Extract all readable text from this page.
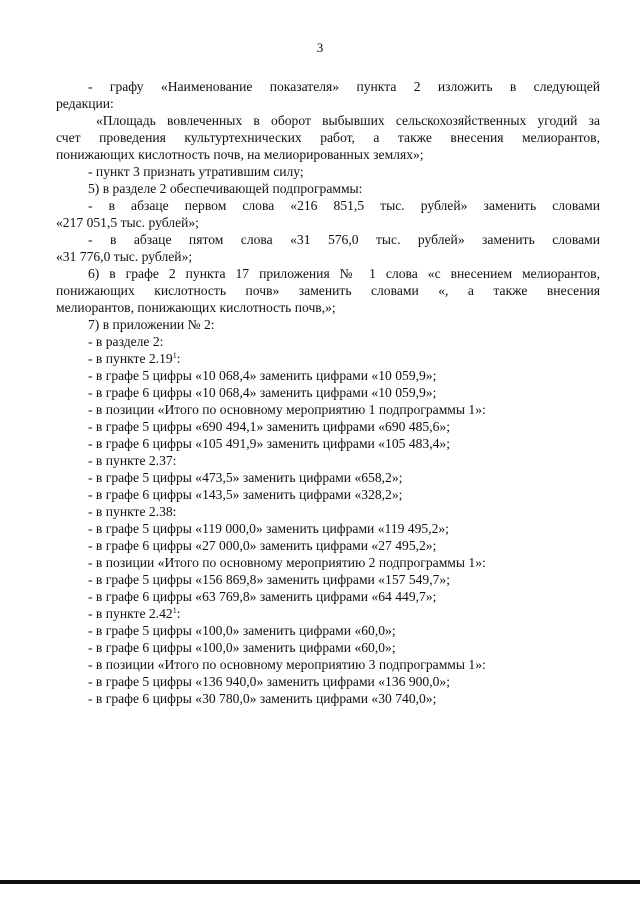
3

- графу «Наименование показателя» пункта 2 изложить в следующей

редакции:

«Площадь вовлеченных в оборот выбывших сельскохозяйственных угодий за

счет проведения культуртехнических работ, а также внесения мелиорантов,

понижающих кислотность почв, на мелиорированных землях»;

- пункт 3 признать утратившим силу;

5) в разделе 2 обеспечивающей подпрограммы:

- в абзаце первом слова «216 851,5 тыс. рублей» заменить словами

«217 051,5 тыс. рублей»;

- в абзаце пятом слова «31 576,0 тыс. рублей» заменить словами

«31 776,0 тыс. рублей»;

6) в графе 2 пункта 17 приложения № 1 слова «с внесением мелиорантов,

понижающих кислотность почв» заменить словами «, а также внесения

мелиорантов, понижающих кислотность почв,»;

7) в приложении № 2:

- в разделе 2:

- в пункте 2.19$^1$:

- в графе 5 цифры «10 068,4» заменить цифрами «10 059,9»;

- в графе 6 цифры «10 068,4» заменить цифрами «10 059,9»;

- в позиции «Итого по основному мероприятию 1 подпрограммы 1»:

- в графе 5 цифры «690 494,1» заменить цифрами «690 485,6»;

- в графе 6 цифры «105 491,9» заменить цифрами «105 483,4»;

- в пункте 2.37:

- в графе 5 цифры «473,5» заменить цифрами «658,2»;

- в графе 6 цифры «143,5» заменить цифрами «328,2»;

- в пункте 2.38:

- в графе 5 цифры «119 000,0» заменить цифрами «119 495,2»;

- в графе 6 цифры «27 000,0» заменить цифрами «27 495,2»;

- в позиции «Итого по основному мероприятию 2 подпрограммы 1»:

- в графе 5 цифры «156 869,8» заменить цифрами «157 549,7»;

- в графе 6 цифры «63 769,8» заменить цифрами «64 449,7»;

- в пункте 2.42$^1$:

- в графе 5 цифры «100,0» заменить цифрами «60,0»;

- в графе 6 цифры «100,0» заменить цифрами «60,0»;

- в позиции «Итого по основному мероприятию 3 подпрограммы 1»:

- в графе 5 цифры «136 940,0» заменить цифрами «136 900,0»;

- в графе 6 цифры «30 780,0» заменить цифрами «30 740,0»;
